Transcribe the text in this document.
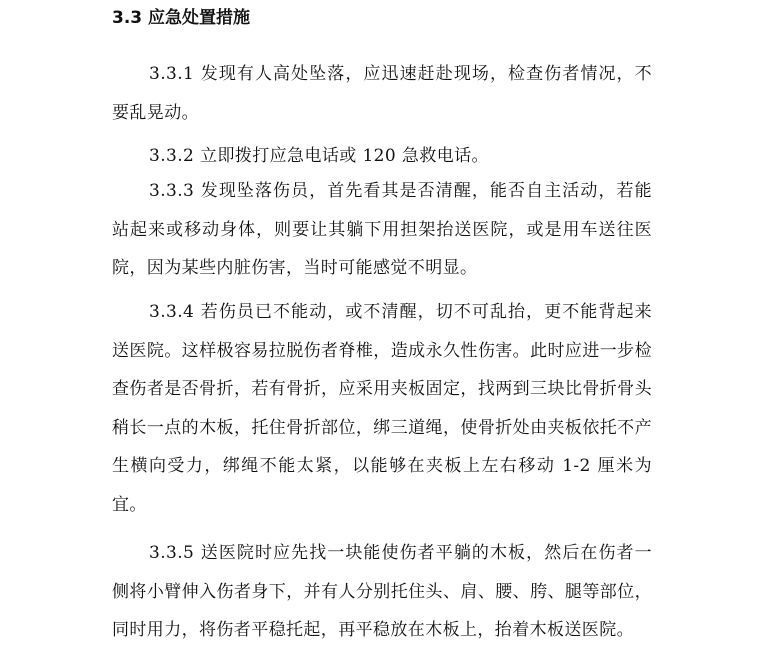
3.3 应急处置措施

3.3.1 发现有人高处坠落，应迅速赶赴现场，检查伤者情况，不要乱晃动。

3.3.2 立即拨打应急电话或 120 急救电话。

3.3.3 发现坠落伤员，首先看其是否清醒，能否自主活动，若能站起来或移动身体，则要让其躺下用担架抬送医院，或是用车送往医院，因为某些内脏伤害，当时可能感觉不明显。

3.3.4 若伤员已不能动，或不清醒，切不可乱抬，更不能背起来送医院。这样极容易拉脱伤者脊椎，造成永久性伤害。此时应进一步检查伤者是否骨折，若有骨折，应采用夹板固定，找两到三块比骨折骨头稍长一点的木板，托住骨折部位，绑三道绳，使骨折处由夹板依托不产生横向受力，绑绳不能太紧，以能够在夹板上左右移动 1-2 厘米为宜。

3.3.5 送医院时应先找一块能使伤者平躺的木板，然后在伤者一侧将小臂伸入伤者身下，并有人分别托住头、肩、腰、胯、腿等部位，同时用力，将伤者平稳托起，再平稳放在木板上，抬着木板送医院。
